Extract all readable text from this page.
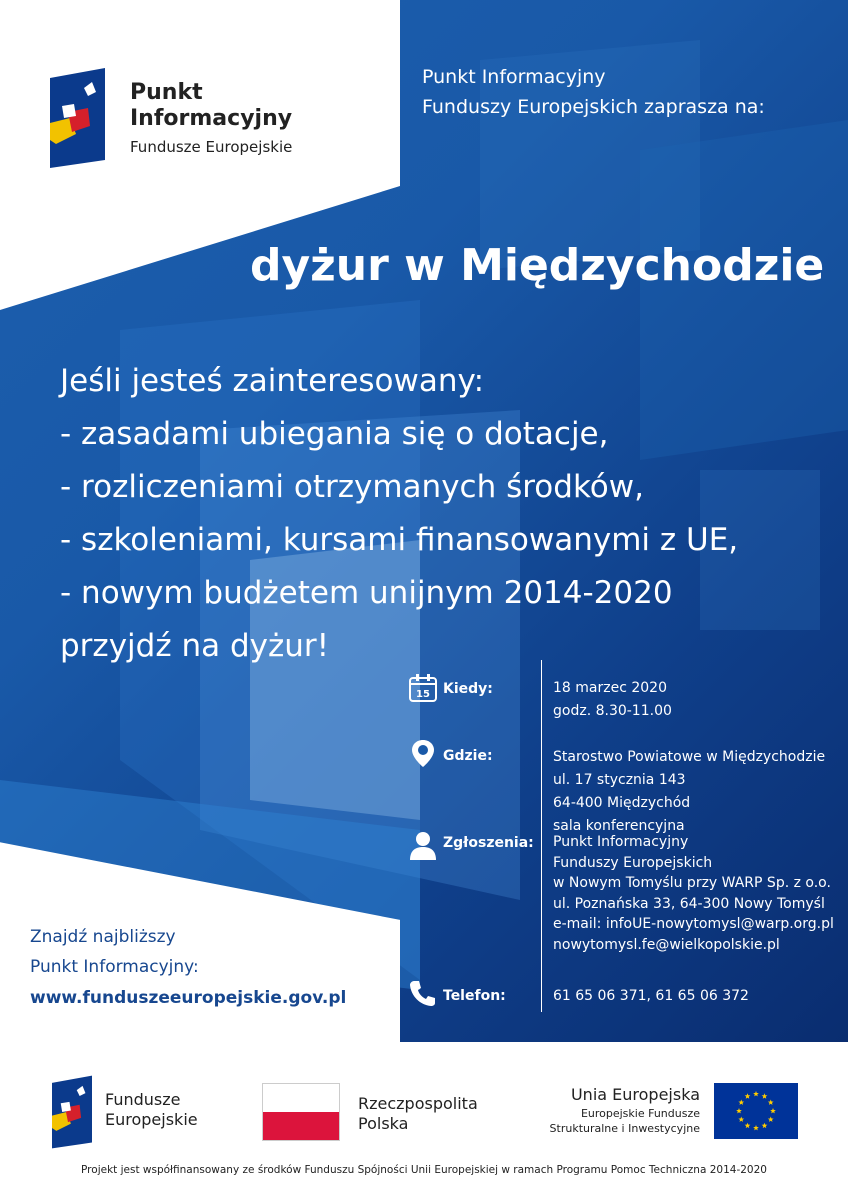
Punkt
Informacyjny
Fundusze Europejskie
Punkt Informacyjny
Funduszy Europejskich zaprasza na:
dyżur w Międzychodzie
Jeśli jesteś zainteresowany:
- zasadami ubiegania się o dotacje,
- rozliczeniami otrzymanych środków,
- szkoleniami, kursami finansowanymi z UE,
- nowym budżetem unijnym 2014-2020
przyjdź na dyżur!
15 Kiedy:	18 marzec 2020
godz. 8.30-11.00
Gdzie:	Starostwo Powiatowe w Międzychodzie
ul. 17 stycznia 143
64-400 Międzychód
sala konferencyjna
Zgłoszenia: Punkt Informacyjny
Funduszy Europejskich
w Nowym Tomyślu przy WARP Sp. z o.o.
ul. Poznańska 33, 64-300 Nowy Tomyśl
e-mail: infoUE-nowytomysl@warp.org.pl
nowytomysl.fe@wielkopolskie.pl
Telefon:	61 65 06 371, 61 65 06 372
Znajdź najbliższy
Punkt Informacyjny:
www.funduszeeuropejskie.gov.pl
Fundusze
Europejskie
Rzeczpospolita
Polska
Unia Europejska
Europejskie Fundusze
Strukturalne i Inwestycyjne
Projekt jest współfinansowany ze środków Funduszu Spójności Unii Europejskiej w ramach Programu Pomoc Techniczna 2014-2020
